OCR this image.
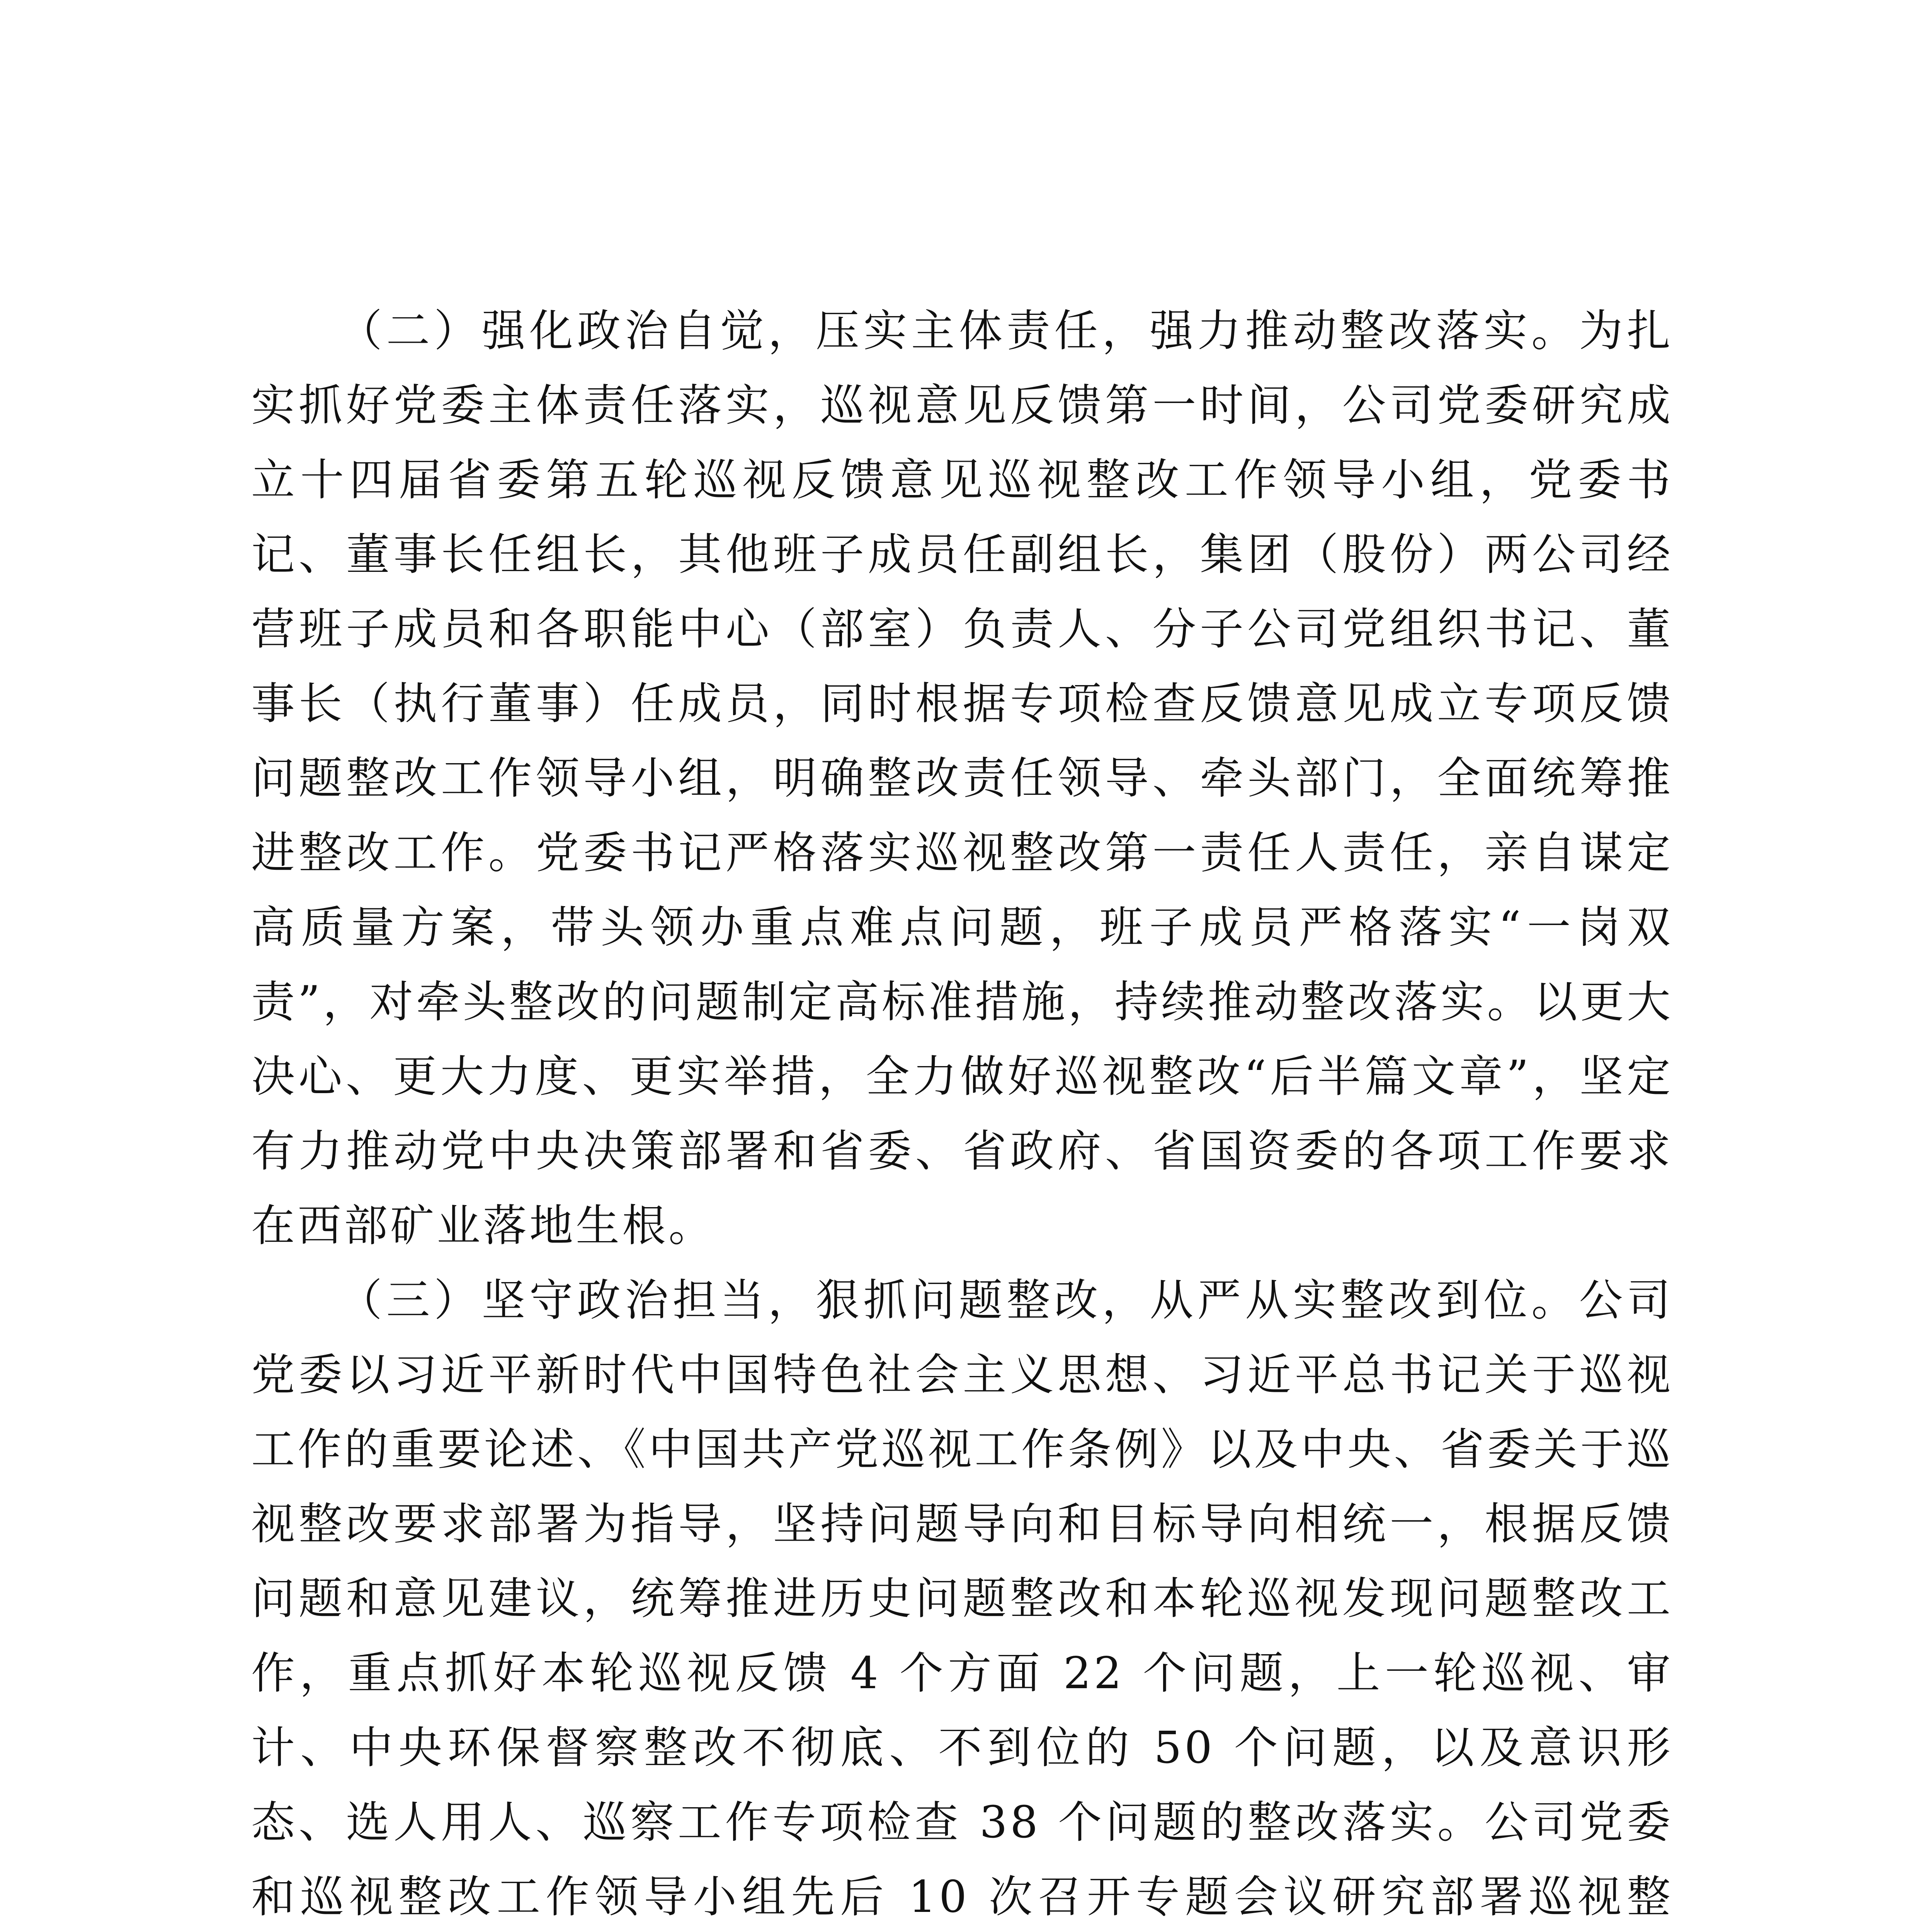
（二）强化政治自觉，压实主体责任，强力推动整改落实。为扎实抓好党委主体责任落实，巡视意见反馈第一时间，公司党委研究成立十四届省委第五轮巡视反馈意见巡视整改工作领导小组，党委书记、董事长任组长，其他班子成员任副组长，集团（股份）两公司经营班子成员和各职能中心（部室）负责人、分子公司党组织书记、董事长（执行董事）任成员，同时根据专项检查反馈意见成立专项反馈问题整改工作领导小组，明确整改责任领导、牵头部门，全面统筹推进整改工作。党委书记严格落实巡视整改第一责任人责任，亲自谋定高质量方案，带头领办重点难点问题，班子成员严格落实“一岗双责”，对牵头整改的问题制定高标准措施，持续推动整改落实。以更大决心、更大力度、更实举措，全力做好巡视整改“后半篇文章”，坚定有力推动党中央决策部署和省委、省政府、省国资委的各项工作要求在西部矿业落地生根。

（三）坚守政治担当，狠抓问题整改，从严从实整改到位。公司党委以习近平新时代中国特色社会主义思想、习近平总书记关于巡视工作的重要论述、《中国共产党巡视工作条例》以及中央、省委关于巡视整改要求部署为指导，坚持问题导向和目标导向相统一，根据反馈问题和意见建议，统筹推进历史问题整改和本轮巡视发现问题整改工作，重点抓好本轮巡视反馈 4 个方面 22 个问题，上一轮巡视、审计、中央环保督察整改不彻底、不到位的 50 个问题，以及意识形态、选人用人、巡察工作专项检查 38 个问题的整改落实。公司党委和巡视整改工作领导小组先后 10 次召开专题会议研究部署巡视整
